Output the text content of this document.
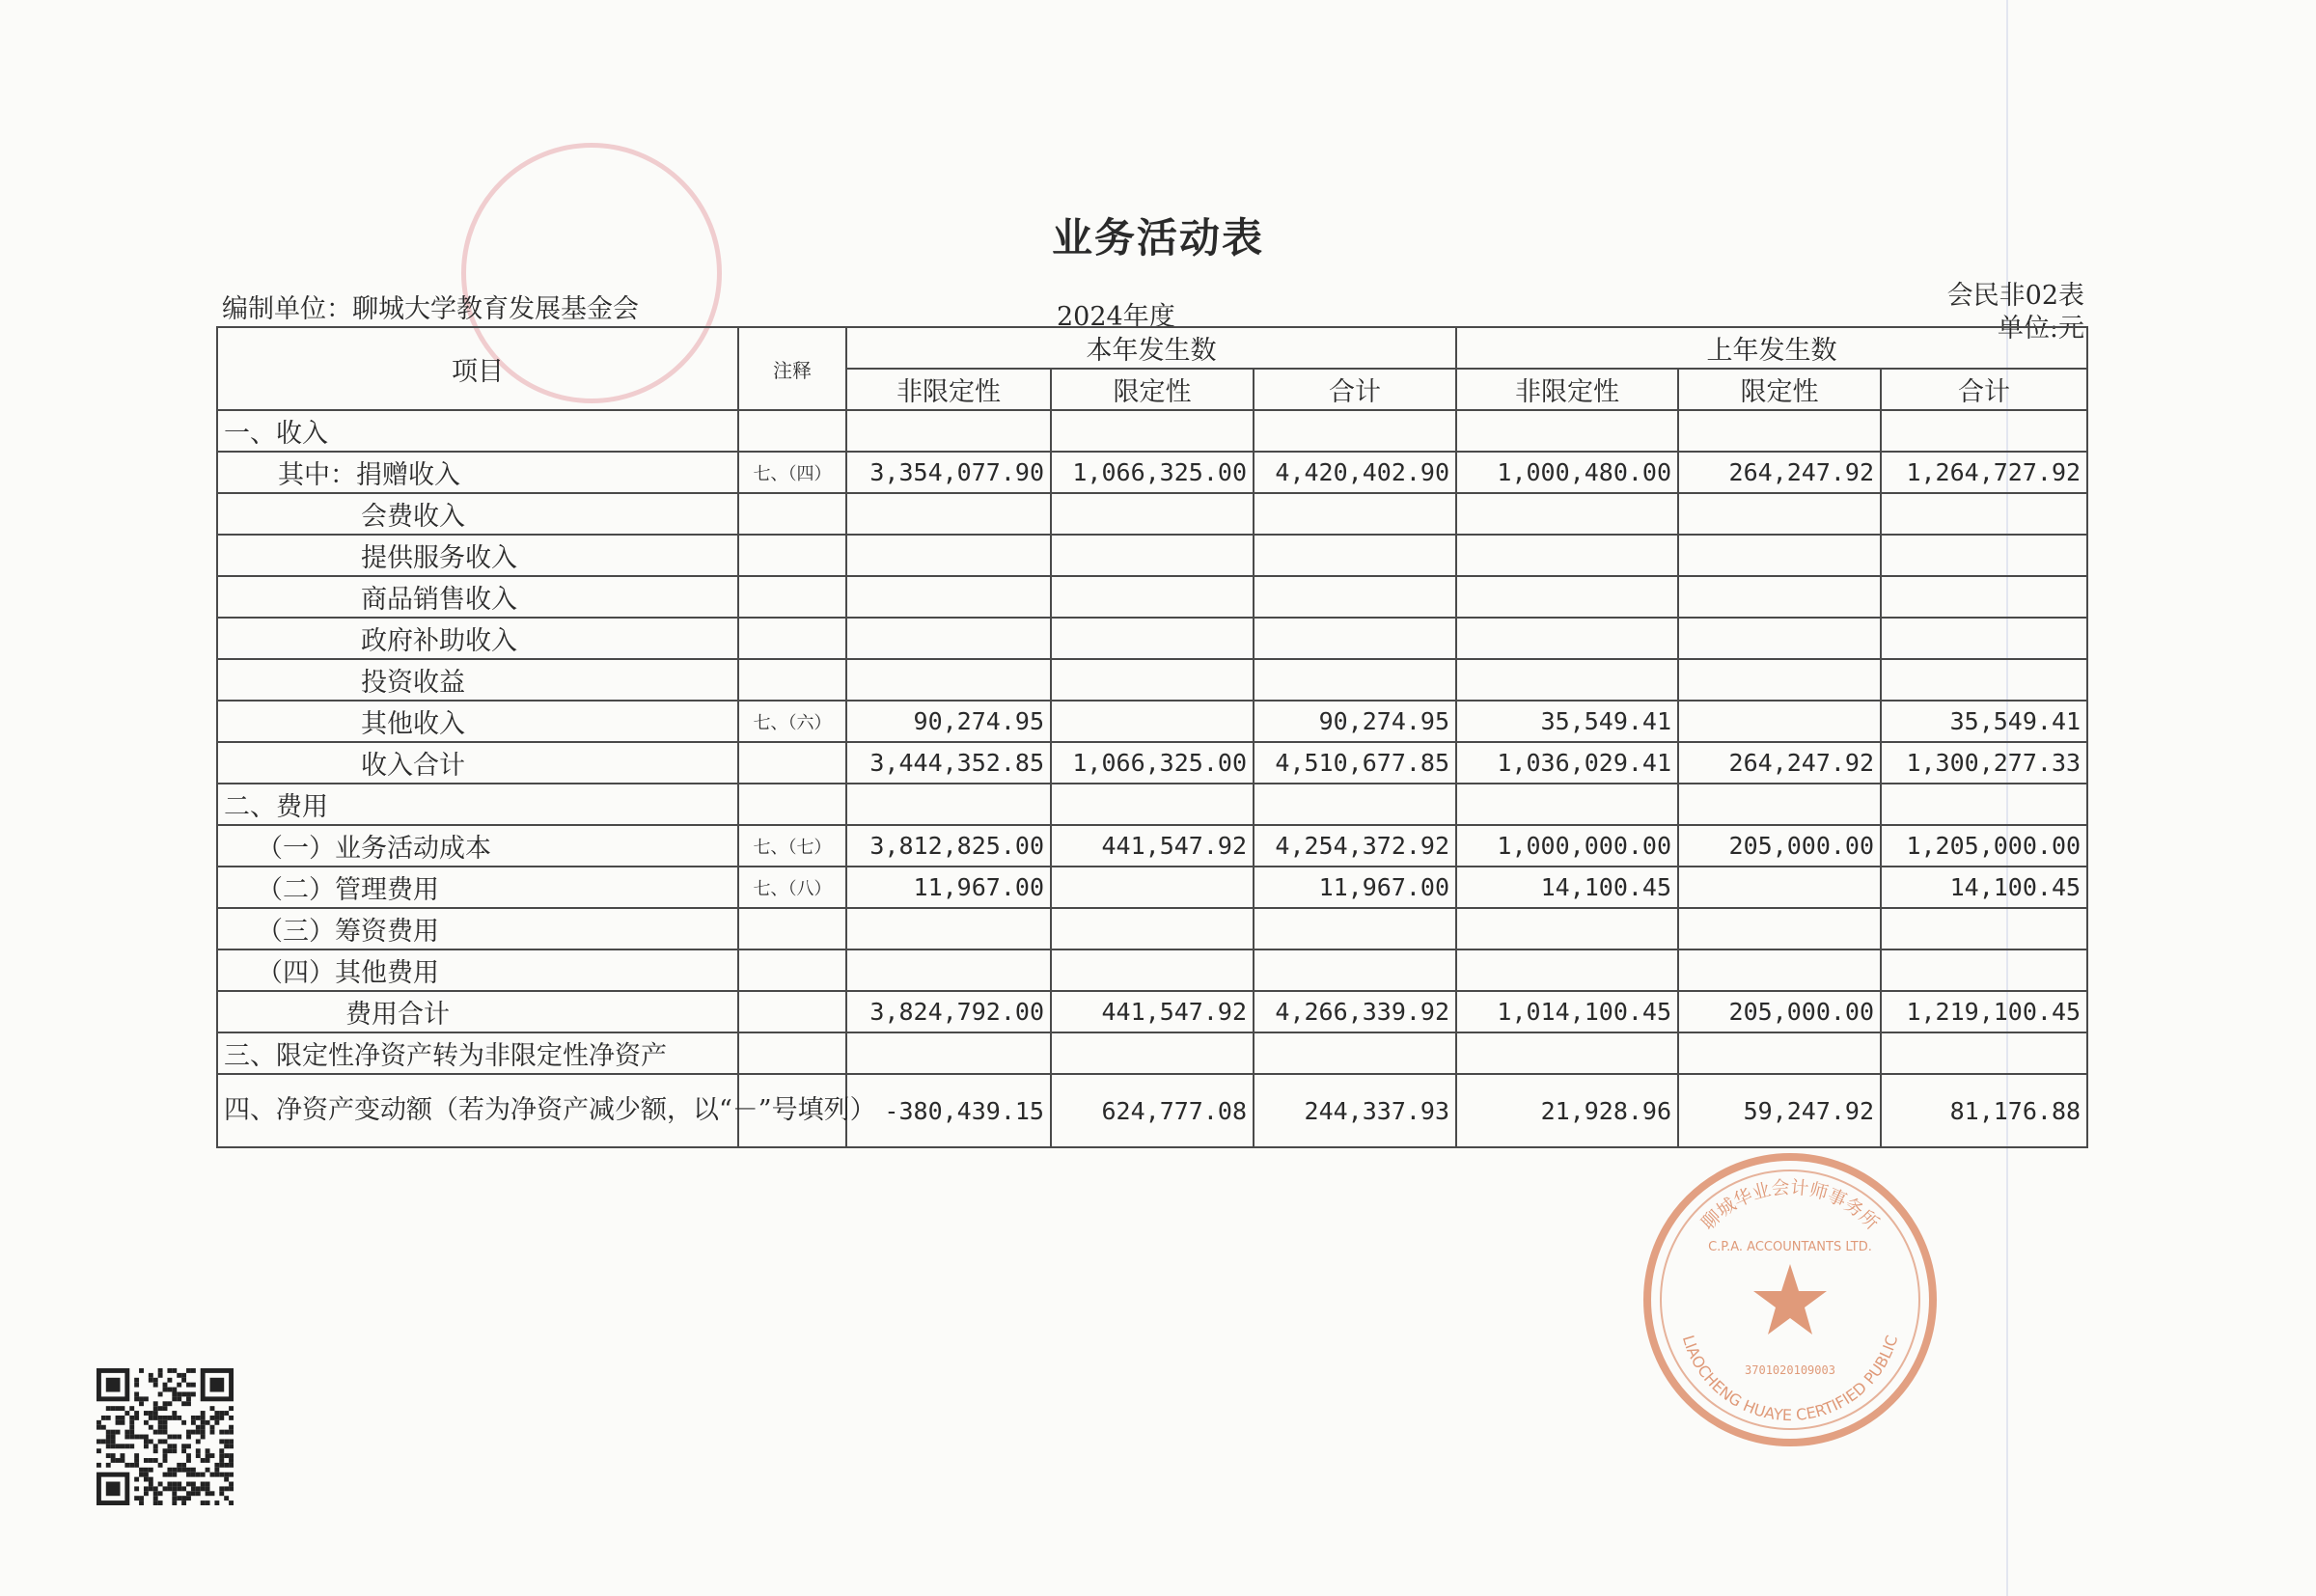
业务活动表
编制单位：聊城大学教育发展基金会	2024年度
会民非02表
单位:元
项目	注释	本年发生数			上年发生数		
		非限定性	限定性	合计	非限定性	限定性	合计
一、收入							
其中：捐赠收入	七、（四）	3,354,077.90	1,066,325.00	4,420,402.90	1,000,480.00	264,247.92	1,264,727.92
会费收入							
提供服务收入							
商品销售收入							
政府补助收入							
投资收益							
其他收入	七、（六）	90,274.95		90,274.95	35,549.41		35,549.41
收入合计		3,444,352.85	1,066,325.00	4,510,677.85	1,036,029.41	264,247.92	1,300,277.33
二、费用							
（一）业务活动成本	七、（七）	3,812,825.00	441,547.92	4,254,372.92	1,000,000.00	205,000.00	1,205,000.00
（二）管理费用	七、（八）	11,967.00		11,967.00	14,100.45		14,100.45
（三）筹资费用							
（四）其他费用							
费用合计		3,824,792.00	441,547.92	4,266,339.92	1,014,100.45	205,000.00	1,219,100.45
三、限定性净资产转为非限定性净资产							
四、净资产变动额（若为净资产减少额，以“－”号填列）		-380,439.15	624,777.08	244,337.93	21,928.96	59,247.92	81,176.88
聊城华业会计师事务所
LIAOCHENG HUAYE CERTIFIED PUBLIC
C.P.A. ACCOUNTANTS LTD.
3701020109003
